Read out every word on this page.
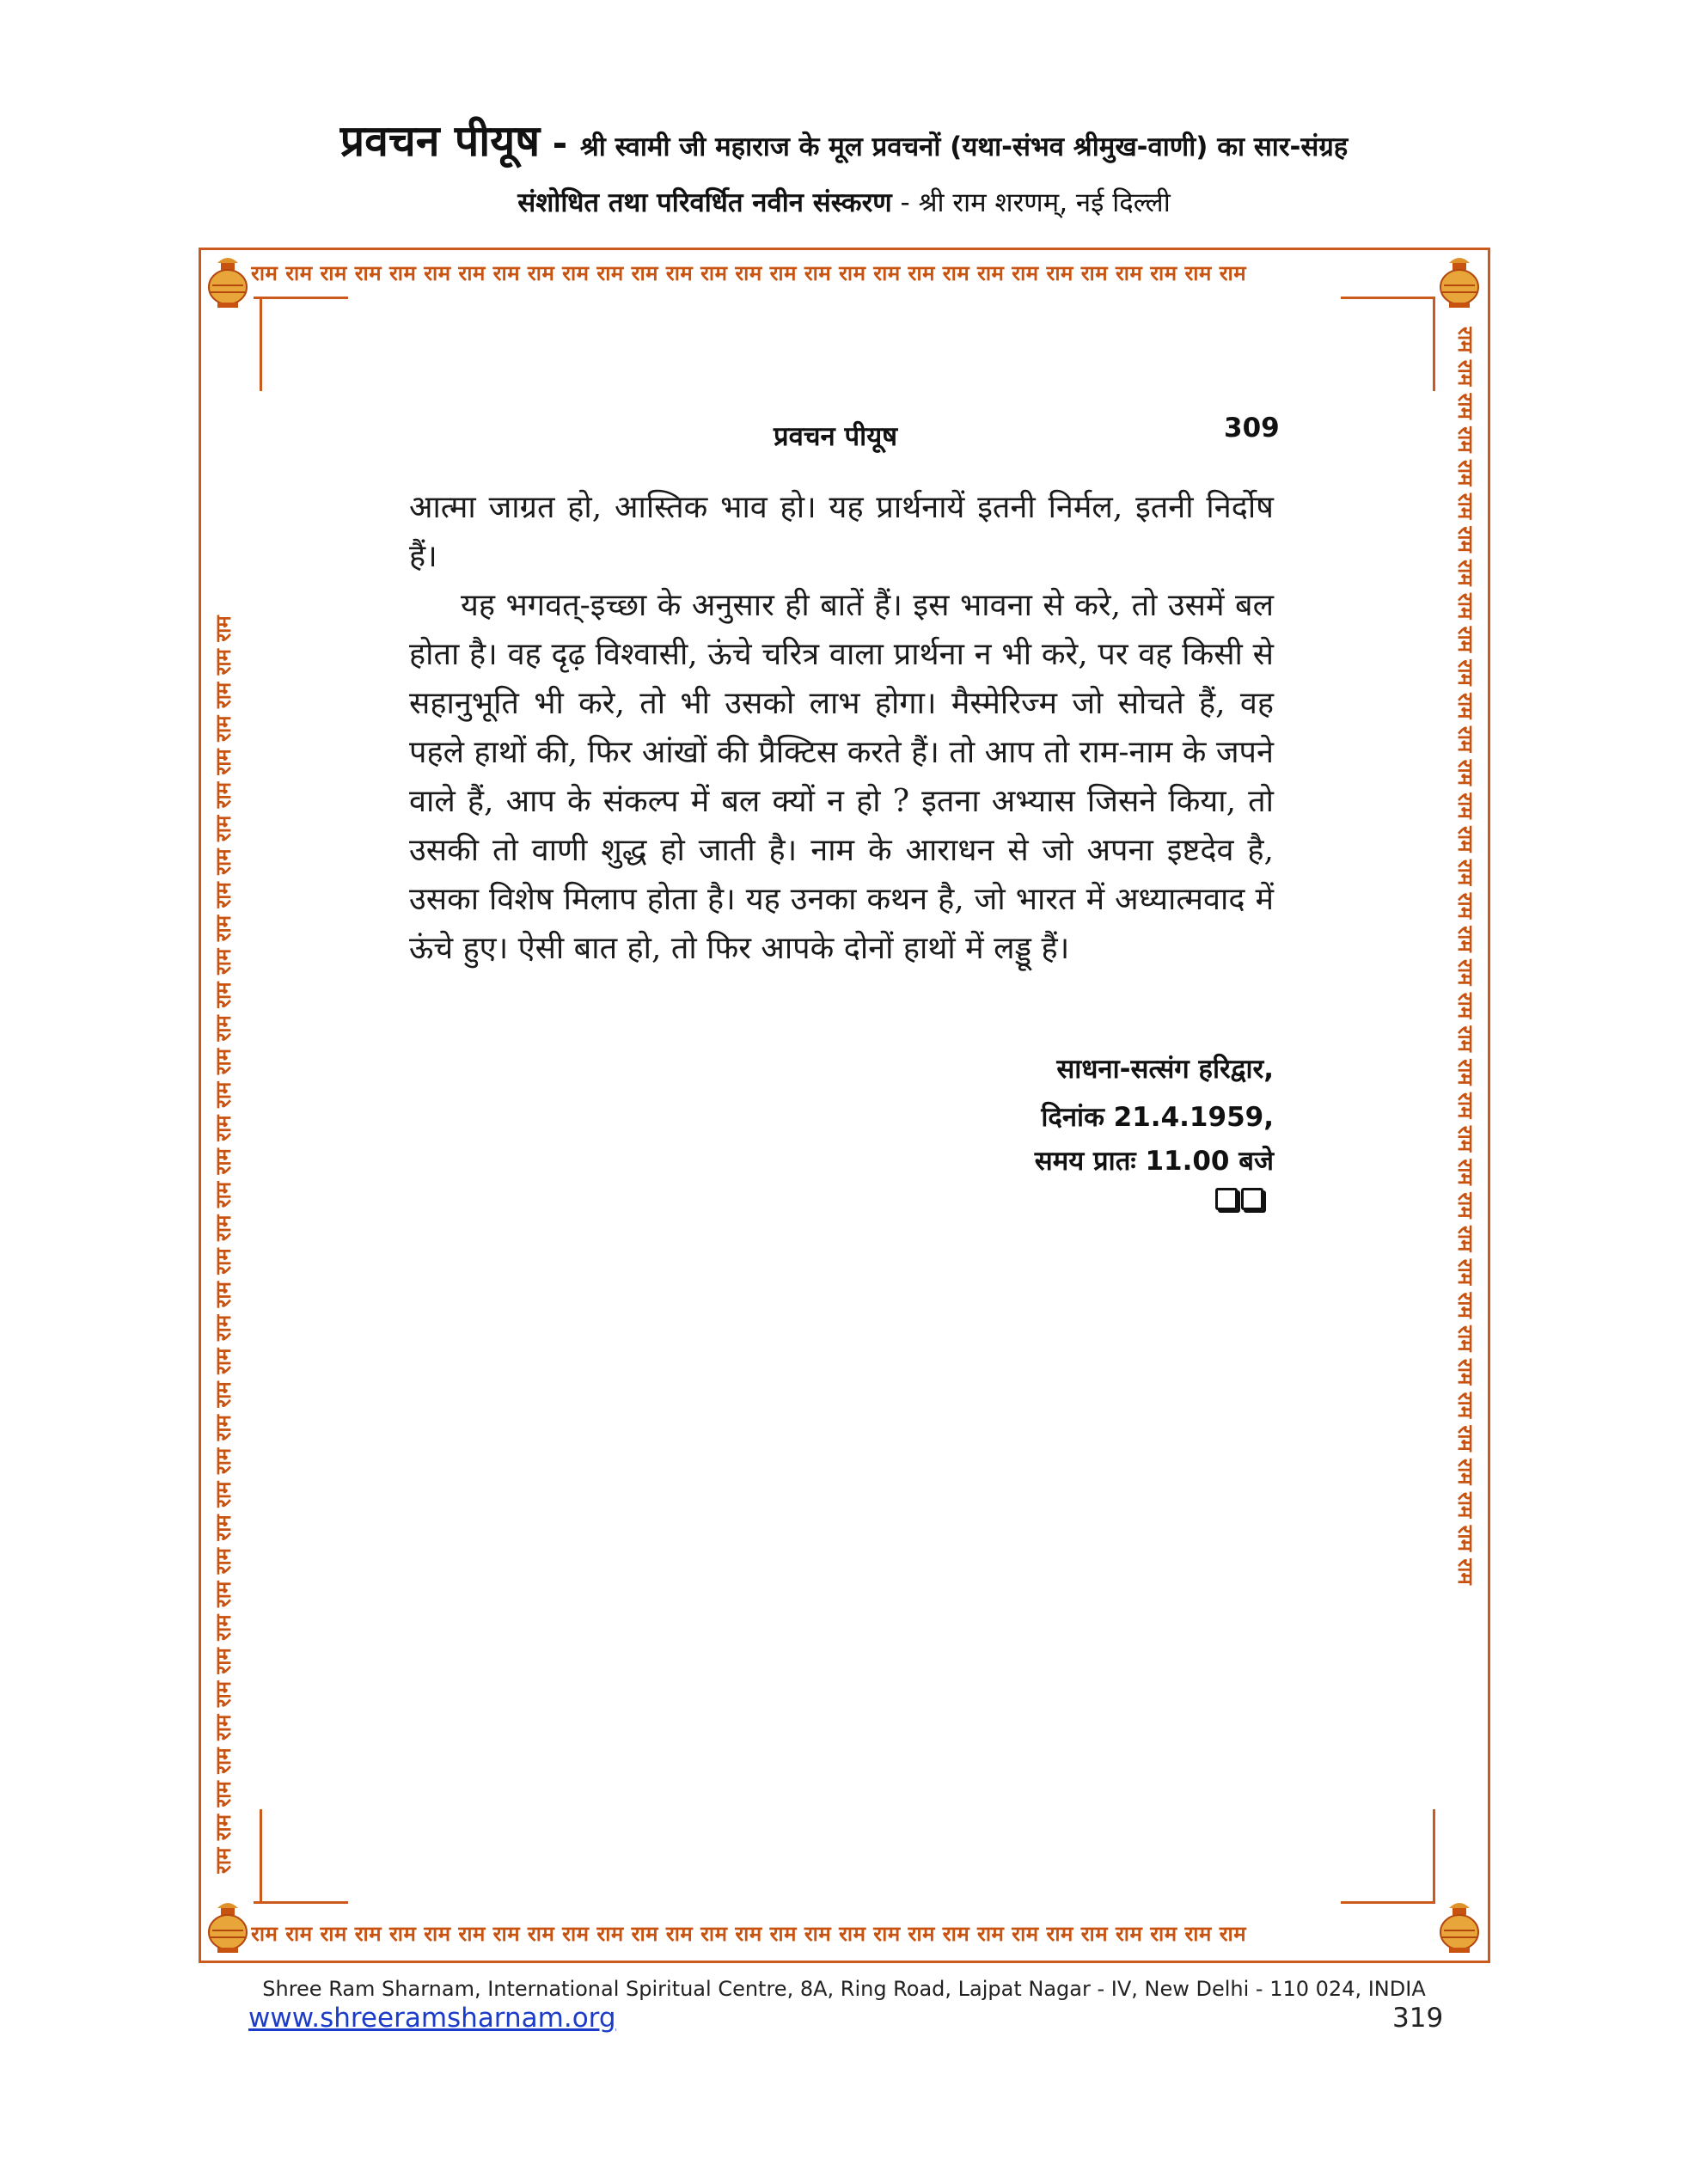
प्रवचन पीयूष - श्री स्वामी जी महाराज के मूल प्रवचनों (यथा-संभव श्रीमुख-वाणी) का सार-संग्रह
संशोधित तथा परिवर्धित नवीन संस्करण - श्री राम शरणम्, नई दिल्ली
राम राम राम राम राम राम राम राम राम राम राम राम राम राम राम राम राम राम राम राम राम राम राम राम राम राम राम राम राम
राम राम राम राम राम राम राम राम राम राम राम राम राम राम राम राम राम राम राम राम राम राम राम राम राम राम राम राम राम
राम राम राम राम राम राम राम राम राम राम राम राम राम राम राम राम राम राम राम राम राम राम राम राम राम राम राम राम राम राम राम राम राम राम राम राम राम राम	राम राम राम राम राम राम राम राम राम राम राम राम राम राम राम राम राम राम राम राम राम राम राम राम राम राम राम राम राम राम राम राम राम राम राम राम राम राम
प्रवचन पीयूष	309

आत्मा जाग्रत हो, आस्तिक भाव हो। यह प्रार्थनायें इतनी निर्मल, इतनी निर्दोष हैं।

यह भगवत्-इच्छा के अनुसार ही बातें हैं। इस भावना से करे, तो उसमें बल होता है। वह दृढ़ विश्वासी, ऊंचे चरित्र वाला प्रार्थना न भी करे, पर वह किसी से सहानुभूति भी करे, तो भी उसको लाभ होगा। मैस्मेरिज्म जो सोचते हैं, वह पहले हाथों की, फिर आंखों की प्रैक्टिस करते हैं। तो आप तो राम-नाम के जपने वाले हैं, आप के संकल्प में बल क्यों न हो ? इतना अभ्यास जिसने किया, तो उसकी तो वाणी शुद्ध हो जाती है। नाम के आराधन से जो अपना इष्टदेव है, उसका विशेष मिलाप होता है। यह उनका कथन है, जो भारत में अध्यात्मवाद में ऊंचे हुए। ऐसी बात हो, तो फिर आपके दोनों हाथों में लड्डू हैं।

साधना-सत्संग हरिद्वार,
दिनांक 21.4.1959,
समय प्रातः 11.00 बजे
Shree Ram Sharnam, International Spiritual Centre, 8A, Ring Road, Lajpat Nagar - IV, New Delhi - 110 024, INDIA
www.shreeramsharnam.org	319
